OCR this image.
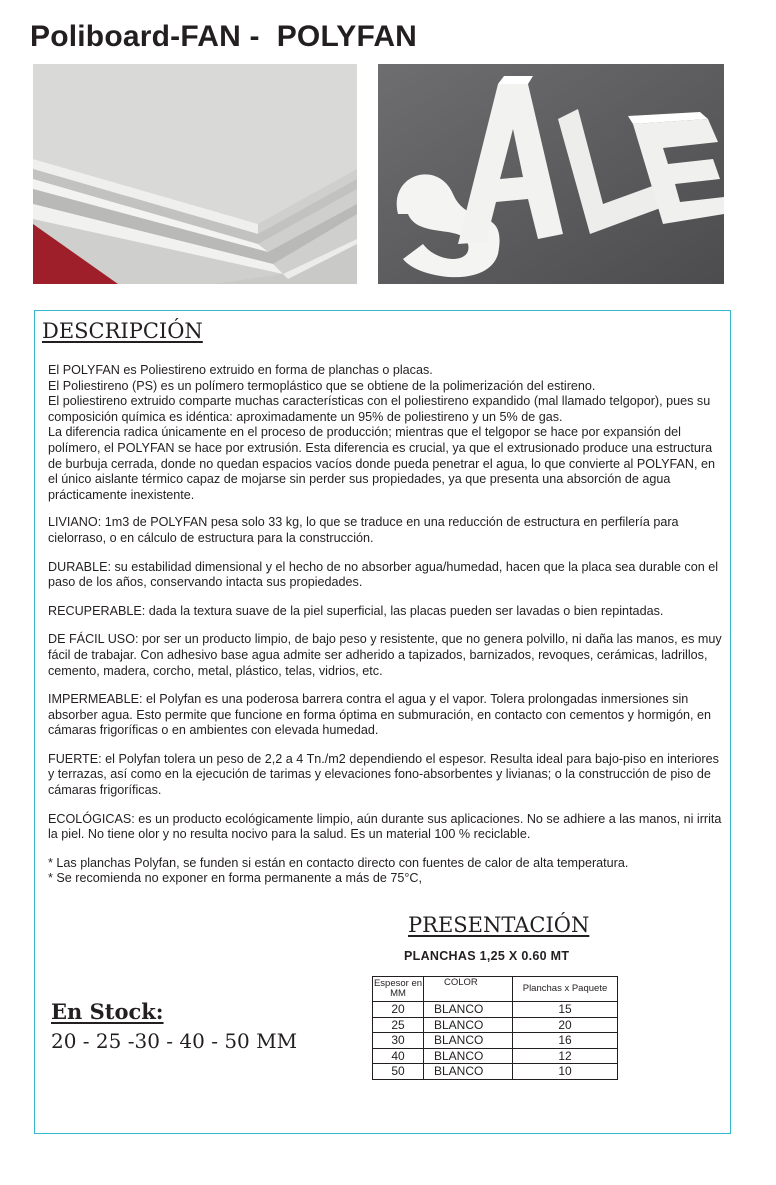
Poliboard-FAN -  POLYFAN
DESCRIPCIÓN

El POLYFAN es Poliestireno extruido en forma de planchas o placas.

El Poliestireno (PS) es un polímero termoplástico que se obtiene de la polimerización del estireno.

El poliestireno extruido comparte muchas características con el poliestireno expandido (mal llamado telgopor), pues su composición química es idéntica: aproximadamente un 95% de poliestireno y un 5% de gas.

La diferencia radica únicamente en el proceso de producción; mientras que el telgopor se hace por expansión del polímero, el POLYFAN se hace por extrusión. Esta diferencia es crucial, ya que el extrusionado produce una estructura de burbuja cerrada, donde no quedan espacios vacíos donde pueda penetrar el agua, lo que convierte al POLYFAN, en el único aislante térmico capaz de mojarse sin perder sus propiedades, ya que presenta una absorción de agua prácticamente inexistente.

LIVIANO: 1m3 de POLYFAN pesa solo 33 kg, lo que se traduce en una reducción de estructura en perfilería para cielorraso, o en cálculo de estructura para la construcción.
DURABLE: su estabilidad dimensional y el hecho de no absorber agua/humedad, hacen que la placa sea durable con el paso de los años, conservando intacta sus propiedades.
RECUPERABLE: dada la textura suave de la piel superficial, las placas pueden ser lavadas o bien repintadas.
DE FÁCIL USO: por ser un producto limpio, de bajo peso y resistente, que no genera polvillo, ni daña las manos, es muy fácil de trabajar. Con adhesivo base agua admite ser adherido a tapizados, barnizados, revoques, cerámicas, ladrillos, cemento, madera, corcho, metal, plástico, telas, vidrios, etc.
IMPERMEABLE: el Polyfan es una poderosa barrera contra el agua y el vapor. Tolera prolongadas inmersiones sin absorber agua. Esto permite que funcione en forma óptima en submuración, en contacto con cementos y hormigón, en cámaras frigoríficas o en ambientes con elevada humedad.
FUERTE: el Polyfan tolera un peso de 2,2 a 4 Tn./m2 dependiendo el espesor. Resulta ideal para bajo-piso en interiores y terrazas, así como en la ejecución de tarimas y elevaciones fono-absorbentes y livianas; o la construcción de piso de cámaras frigoríficas.
ECOLÓGICAS: es un producto ecológicamente limpio, aún durante sus aplicaciones. No se adhiere a las manos, ni irrita la piel. No tiene olor y no resulta nocivo para la salud. Es un material 100 % reciclable.

* Las planchas Polyfan, se funden si están en contacto directo con fuentes de calor de alta temperatura.

* Se recomienda no exponer en forma permanente a más de 75°C,

PRESENTACIÓN
PLANCHAS 1,25 X 0.60 MT
Espesor en MM	COLOR	Planchas x Paquete
20	BLANCO	15
25	BLANCO	20
30	BLANCO	16
40	BLANCO	12
50	BLANCO	10
En Stock:
20 - 25 -30 - 40 - 50 MM
